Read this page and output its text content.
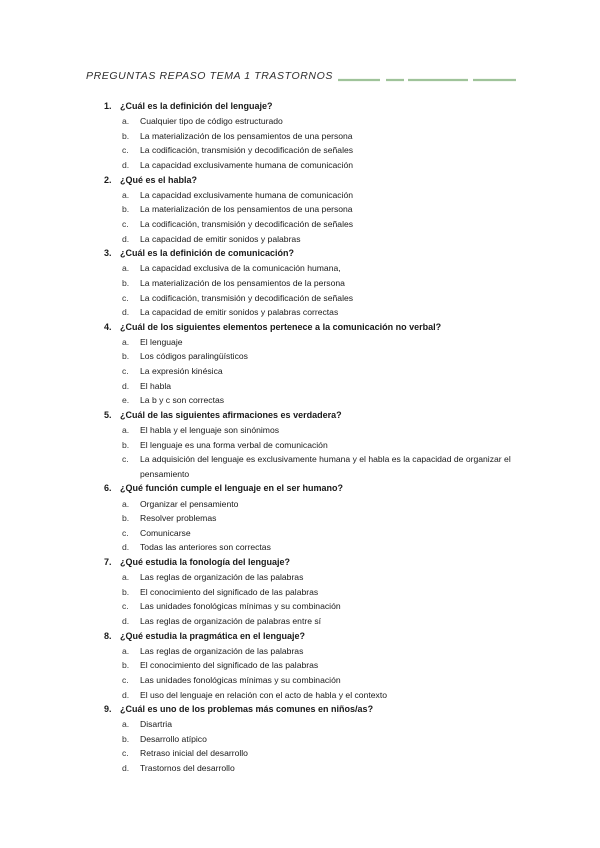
PREGUNTAS REPASO TEMA 1 TRASTORNOS
1. ¿Cuál es la definición del lenguaje?
a.	Cualquier tipo de código estructurado
b.	La materialización de los pensamientos de una persona
c.	La codificación, transmisión y decodificación de señales
d.	La capacidad exclusivamente humana de comunicación
2. ¿Qué es el habla?
a.	La capacidad exclusivamente humana de comunicación
b.	La materialización de los pensamientos de una persona
c.	La codificación, transmisión y decodificación de señales
d.	La capacidad de emitir sonidos y palabras
3. ¿Cuál es la definición de comunicación?
a.	La capacidad exclusiva de la comunicación humana,
b.	La materialización de los pensamientos de la persona
c.	La codificación, transmisión y decodificación de señales
d.	La capacidad de emitir sonidos y palabras correctas
4. ¿Cuál de los siguientes elementos pertenece a la comunicación no verbal?
a.	El lenguaje
b.	Los códigos paralingüísticos
c.	La expresión kinésica
d.	El habla
e.	La b y c son correctas
5. ¿Cuál de las siguientes afirmaciones es verdadera?
a.	El habla y el lenguaje son sinónimos
b.	El lenguaje es una forma verbal de comunicación
c.	La adquisición del lenguaje es exclusivamente humana y el habla es la capacidad de organizar el pensamiento
6. ¿Qué función cumple el lenguaje en el ser humano?
a.	Organizar el pensamiento
b.	Resolver problemas
c.	Comunicarse
d.	Todas las anteriores son correctas
7. ¿Qué estudia la fonología del lenguaje?
a.	Las reglas de organización de las palabras
b.	El conocimiento del significado de las palabras
c.	Las unidades fonológicas mínimas y su combinación
d.	Las reglas de organización de palabras entre sí
8. ¿Qué estudia la pragmática en el lenguaje?
a.	Las reglas de organización de las palabras
b.	El conocimiento del significado de las palabras
c.	Las unidades fonológicas mínimas y su combinación
d.	El uso del lenguaje en relación con el acto de habla y el contexto
9. ¿Cuál es uno de los problemas más comunes en niños/as?
a.	Disartria
b.	Desarrollo atípico
c.	Retraso inicial del desarrollo
d.	Trastornos del desarrollo
